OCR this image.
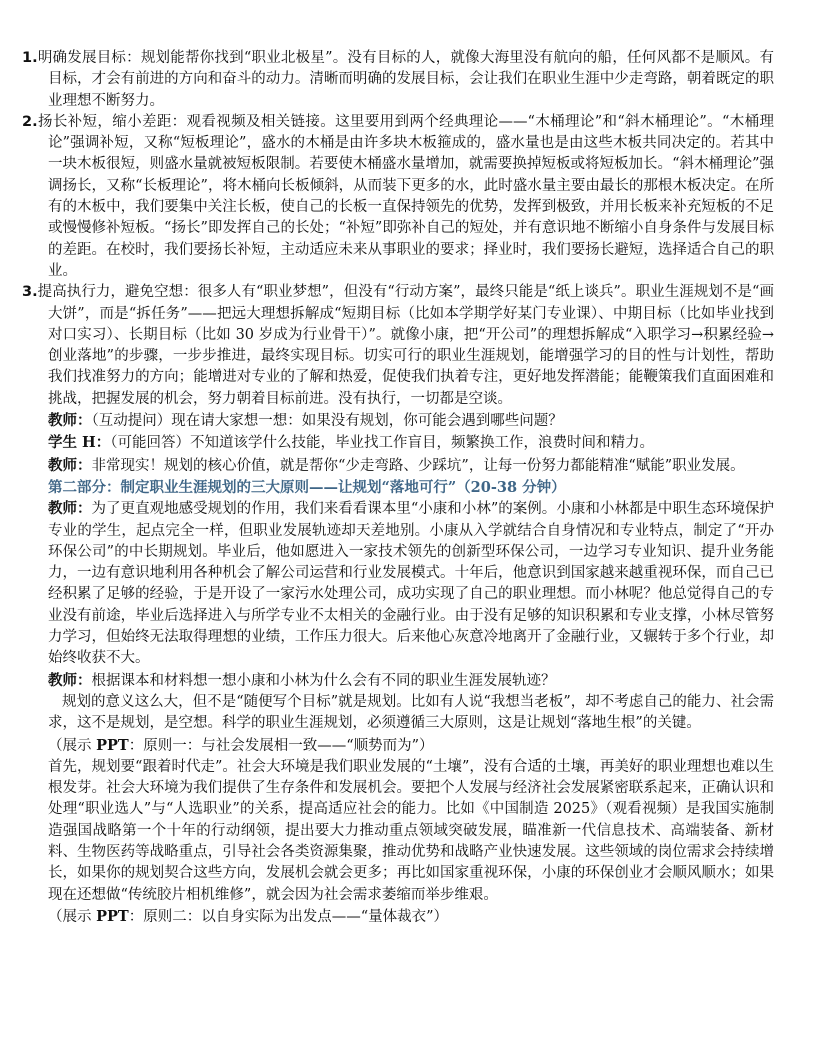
1.明确发展目标：规划能帮你找到“职业北极星”。没有目标的人，就像大海里没有航向的船，任何风都不是顺风。有目标，才会有前进的方向和奋斗的动力。清晰而明确的发展目标，会让我们在职业生涯中少走弯路，朝着既定的职业理想不断努力。

2.扬长补短，缩小差距：观看视频及相关链接。这里要用到两个经典理论——“木桶理论”和“斜木桶理论”。“木桶理论”强调补短，又称“短板理论”，盛水的木桶是由许多块木板箍成的，盛水量也是由这些木板共同决定的。若其中一块木板很短，则盛水量就被短板限制。若要使木桶盛水量增加，就需要换掉短板或将短板加长。“斜木桶理论”强调扬长，又称“长板理论”，将木桶向长板倾斜，从而装下更多的水，此时盛水量主要由最长的那根木板决定。在所有的木板中，我们要集中关注长板，使自己的长板一直保持领先的优势，发挥到极致，并用长板来补充短板的不足或慢慢修补短板。“扬长”即发挥自己的长处；“补短”即弥补自己的短处，并有意识地不断缩小自身条件与发展目标的差距。在校时，我们要扬长补短，主动适应未来从事职业的要求；择业时，我们要扬长避短，选择适合自己的职业。

3.提高执行力，避免空想：很多人有“职业梦想”，但没有“行动方案”，最终只能是“纸上谈兵”。职业生涯规划不是“画大饼”，而是“拆任务”——把远大理想拆解成“短期目标（比如本学期学好某门专业课）、中期目标（比如毕业找到对口实习）、长期目标（比如 30 岁成为行业骨干）”。就像小康，把“开公司”的理想拆解成“入职学习→积累经验→创业落地”的步骤，一步步推进，最终实现目标。切实可行的职业生涯规划，能增强学习的目的性与计划性，帮助我们找准努力的方向；能增进对专业的了解和热爱，促使我们执着专注，更好地发挥潜能；能鞭策我们直面困难和挑战，把握发展的机会，努力朝着目标前进。没有执行，一切都是空谈。

教师：（互动提问）现在请大家想一想：如果没有规划，你可能会遇到哪些问题？

学生 H：（可能回答）不知道该学什么技能，毕业找工作盲目，频繁换工作，浪费时间和精力。

教师：非常现实！规划的核心价值，就是帮你“少走弯路、少踩坑”，让每一份努力都能精准“赋能”职业发展。

第二部分：制定职业生涯规划的三大原则——让规划“落地可行”（20-38 分钟）

教师：为了更直观地感受规划的作用，我们来看看课本里“小康和小林”的案例。小康和小林都是中职生态环境保护专业的学生，起点完全一样，但职业发展轨迹却天差地别。小康从入学就结合自身情况和专业特点，制定了“开办环保公司”的中长期规划。毕业后，他如愿进入一家技术领先的创新型环保公司，一边学习专业知识、提升业务能力，一边有意识地利用各种机会了解公司运营和行业发展模式。十年后，他意识到国家越来越重视环保，而自己已经积累了足够的经验，于是开设了一家污水处理公司，成功实现了自己的职业理想。而小林呢？他总觉得自己的专业没有前途，毕业后选择进入与所学专业不太相关的金融行业。由于没有足够的知识积累和专业支撑，小林尽管努力学习，但始终无法取得理想的业绩，工作压力很大。后来他心灰意冷地离开了金融行业，又辗转于多个行业，却始终收获不大。

教师：根据课本和材料想一想小康和小林为什么会有不同的职业生涯发展轨迹？

规划的意义这么大，但不是“随便写个目标”就是规划。比如有人说“我想当老板”，却不考虑自己的能力、社会需求，这不是规划，是空想。科学的职业生涯规划，必须遵循三大原则，这是让规划“落地生根”的关键。

（展示 PPT：原则一：与社会发展相一致——“顺势而为”）

首先，规划要“跟着时代走”。社会大环境是我们职业发展的“土壤”，没有合适的土壤，再美好的职业理想也难以生根发芽。社会大环境为我们提供了生存条件和发展机会。要把个人发展与经济社会发展紧密联系起来，正确认识和处理“职业选人”与“人选职业”的关系，提高适应社会的能力。比如《中国制造 2025》（观看视频）是我国实施制造强国战略第一个十年的行动纲领，提出要大力推动重点领域突破发展，瞄准新一代信息技术、高端装备、新材料、生物医药等战略重点，引导社会各类资源集聚，推动优势和战略产业快速发展。这些领域的岗位需求会持续增长，如果你的规划契合这些方向，发展机会就会更多；再比如国家重视环保，小康的环保创业才会顺风顺水；如果现在还想做“传统胶片相机维修”，就会因为社会需求萎缩而举步维艰。

（展示 PPT：原则二：以自身实际为出发点——“量体裁衣”）
